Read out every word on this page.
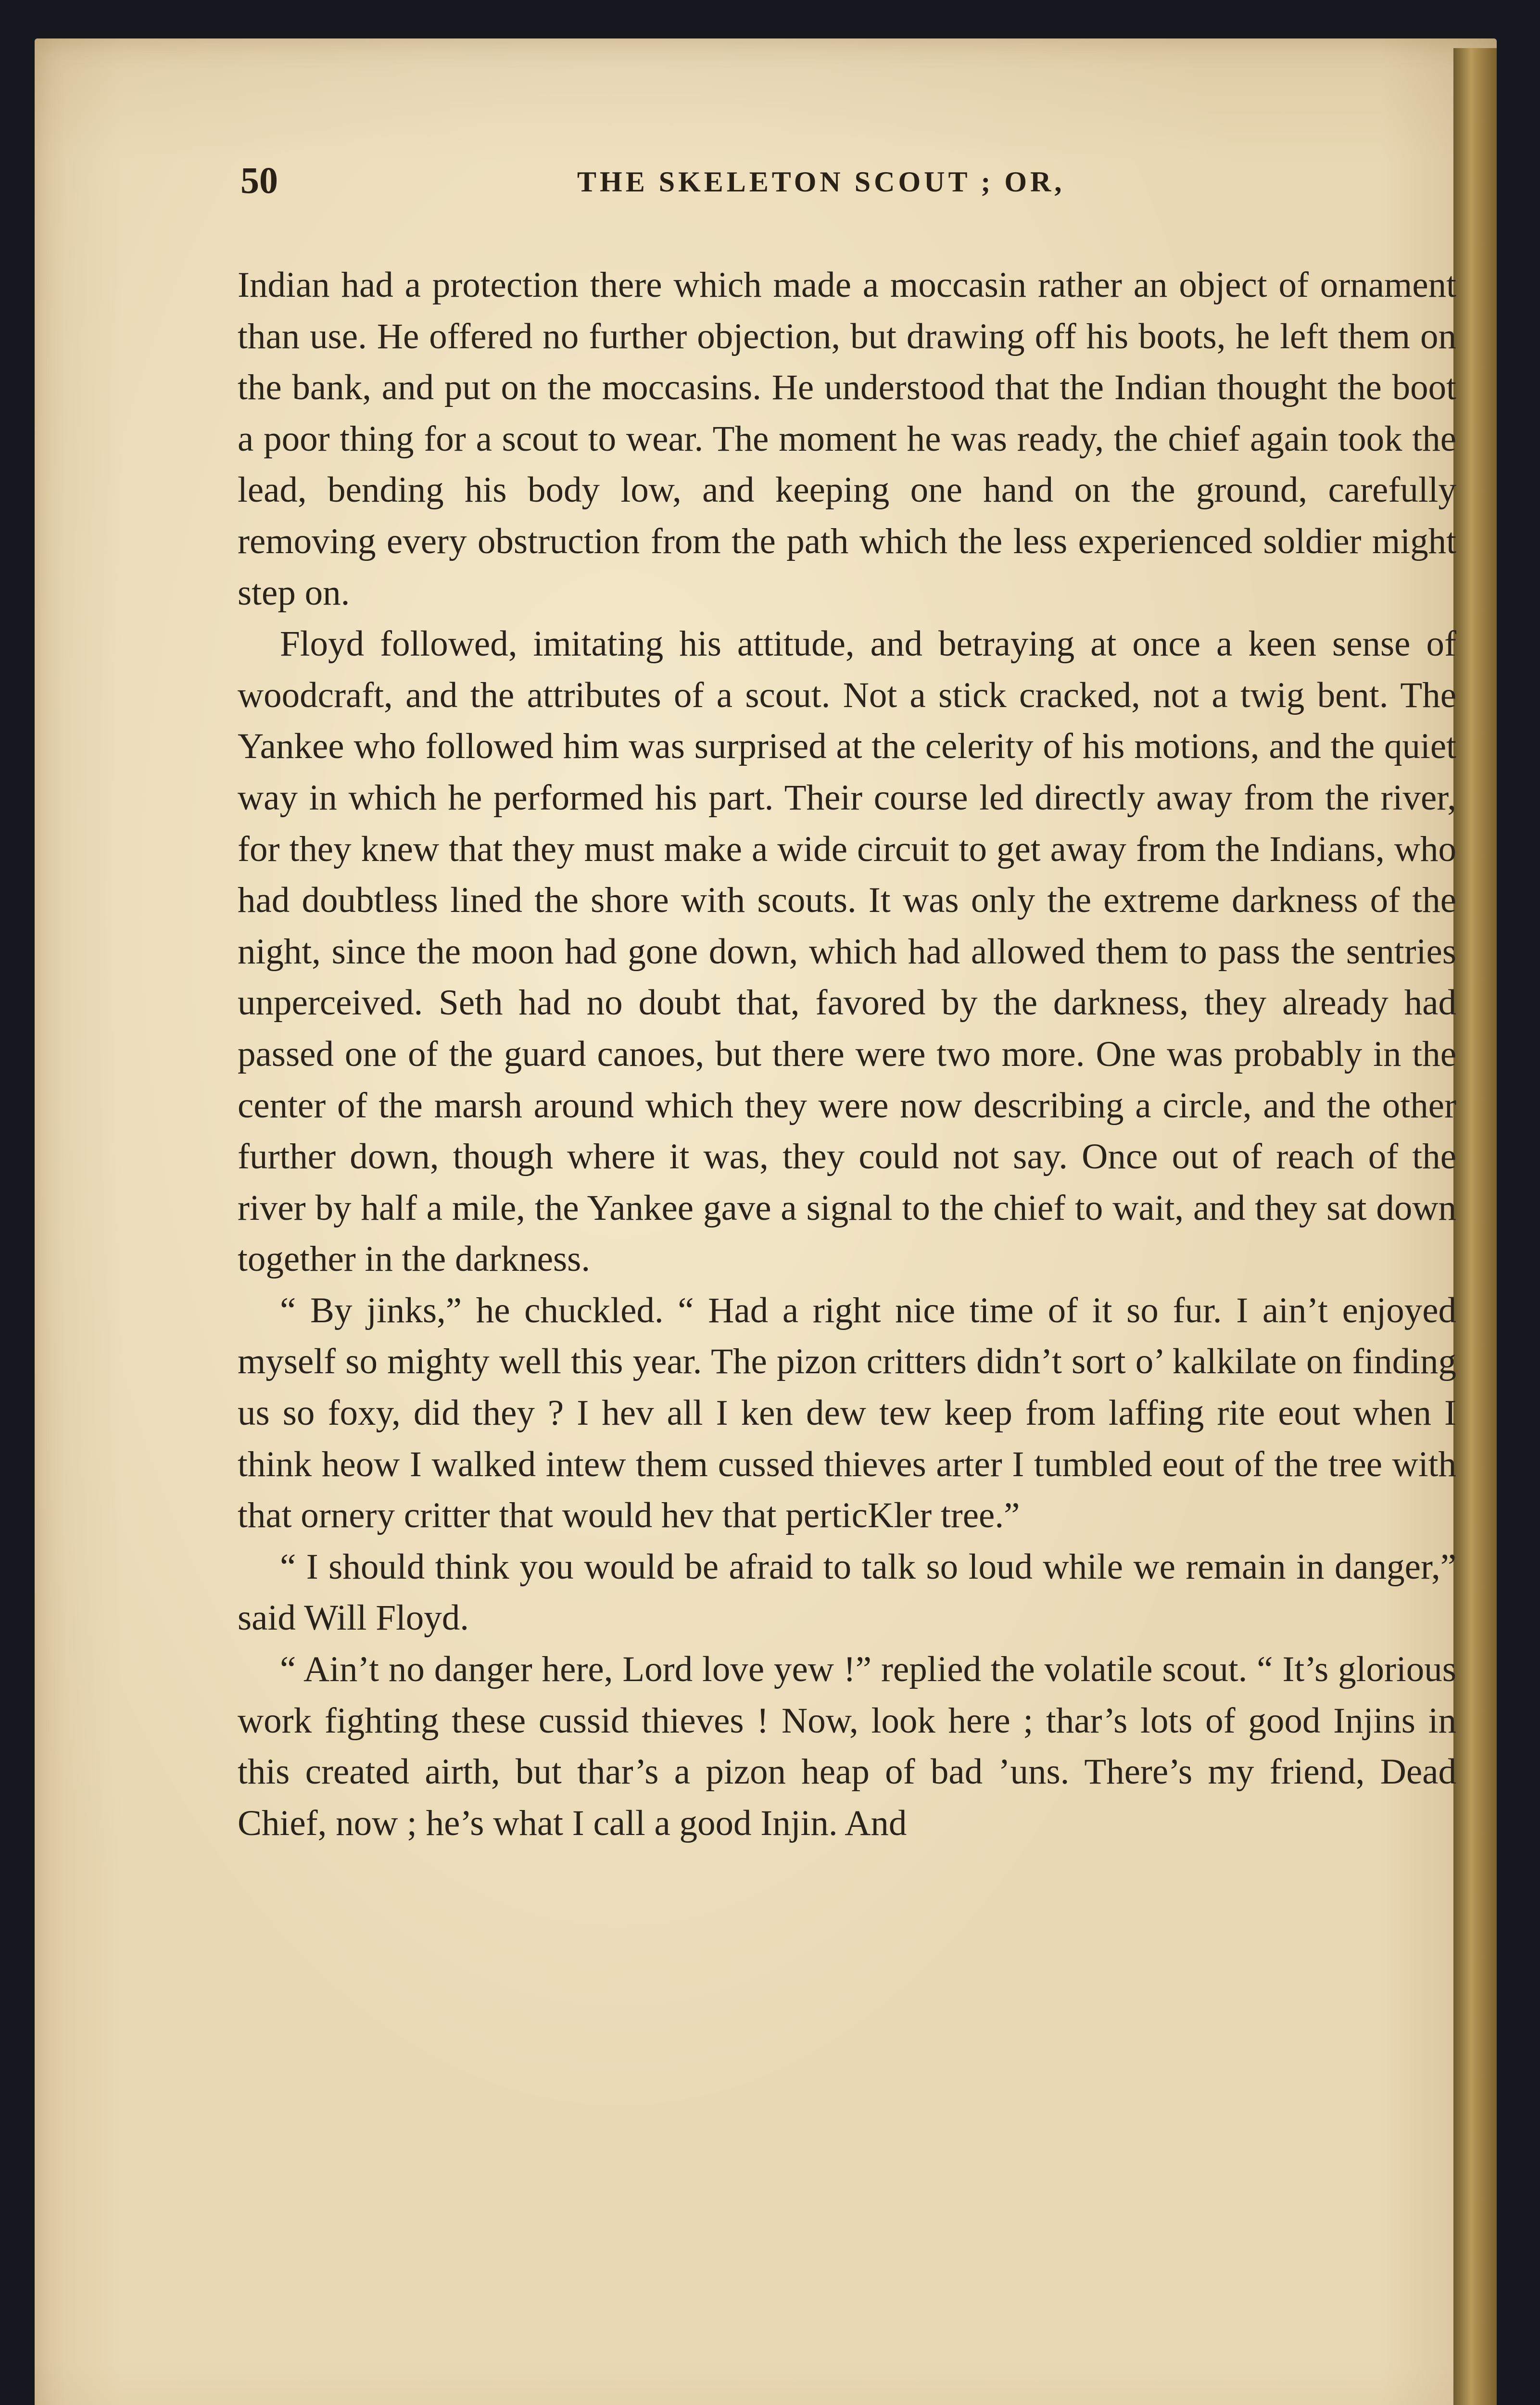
50	THE SKELETON SCOUT ; OR,

Indian had a protection there which made a moccasin rather an object of ornament than use. He offered no further objection, but drawing off his boots, he left them on the bank, and put on the moccasins. He understood that the Indian thought the boot a poor thing for a scout to wear. The moment he was ready, the chief again took the lead, bending his body low, and keeping one hand on the ground, carefully removing every obstruction from the path which the less experienced soldier might step on.

Floyd followed, imitating his attitude, and betraying at once a keen sense of woodcraft, and the attributes of a scout. Not a stick cracked, not a twig bent. The Yankee who followed him was surprised at the celerity of his motions, and the quiet way in which he performed his part. Their course led directly away from the river, for they knew that they must make a wide circuit to get away from the Indians, who had doubtless lined the shore with scouts. It was only the extreme darkness of the night, since the moon had gone down, which had allowed them to pass the sentries unperceived. Seth had no doubt that, favored by the darkness, they already had passed one of the guard canoes, but there were two more. One was probably in the center of the marsh around which they were now describing a circle, and the other further down, though where it was, they could not say. Once out of reach of the river by half a mile, the Yankee gave a signal to the chief to wait, and they sat down together in the darkness.

“ By jinks,” he chuckled. “ Had a right nice time of it so fur. I ain’t enjoyed myself so mighty well this year. The pizon critters didn’t sort o’ kalkilate on finding us so foxy, did they ? I hev all I ken dew tew keep from laffing rite eout when I think heow I walked intew them cussed thieves arter I tumbled eout of the tree with that ornery critter that would hev that perticKler tree.”

“ I should think you would be afraid to talk so loud while we remain in danger,” said Will Floyd.

“ Ain’t no danger here, Lord love yew !” replied the volatile scout. “ It’s glorious work fighting these cussid thieves ! Now, look here ; thar’s lots of good Injins in this created airth, but thar’s a pizon heap of bad ’uns. There’s my friend, Dead Chief, now ; he’s what I call a good Injin. And
